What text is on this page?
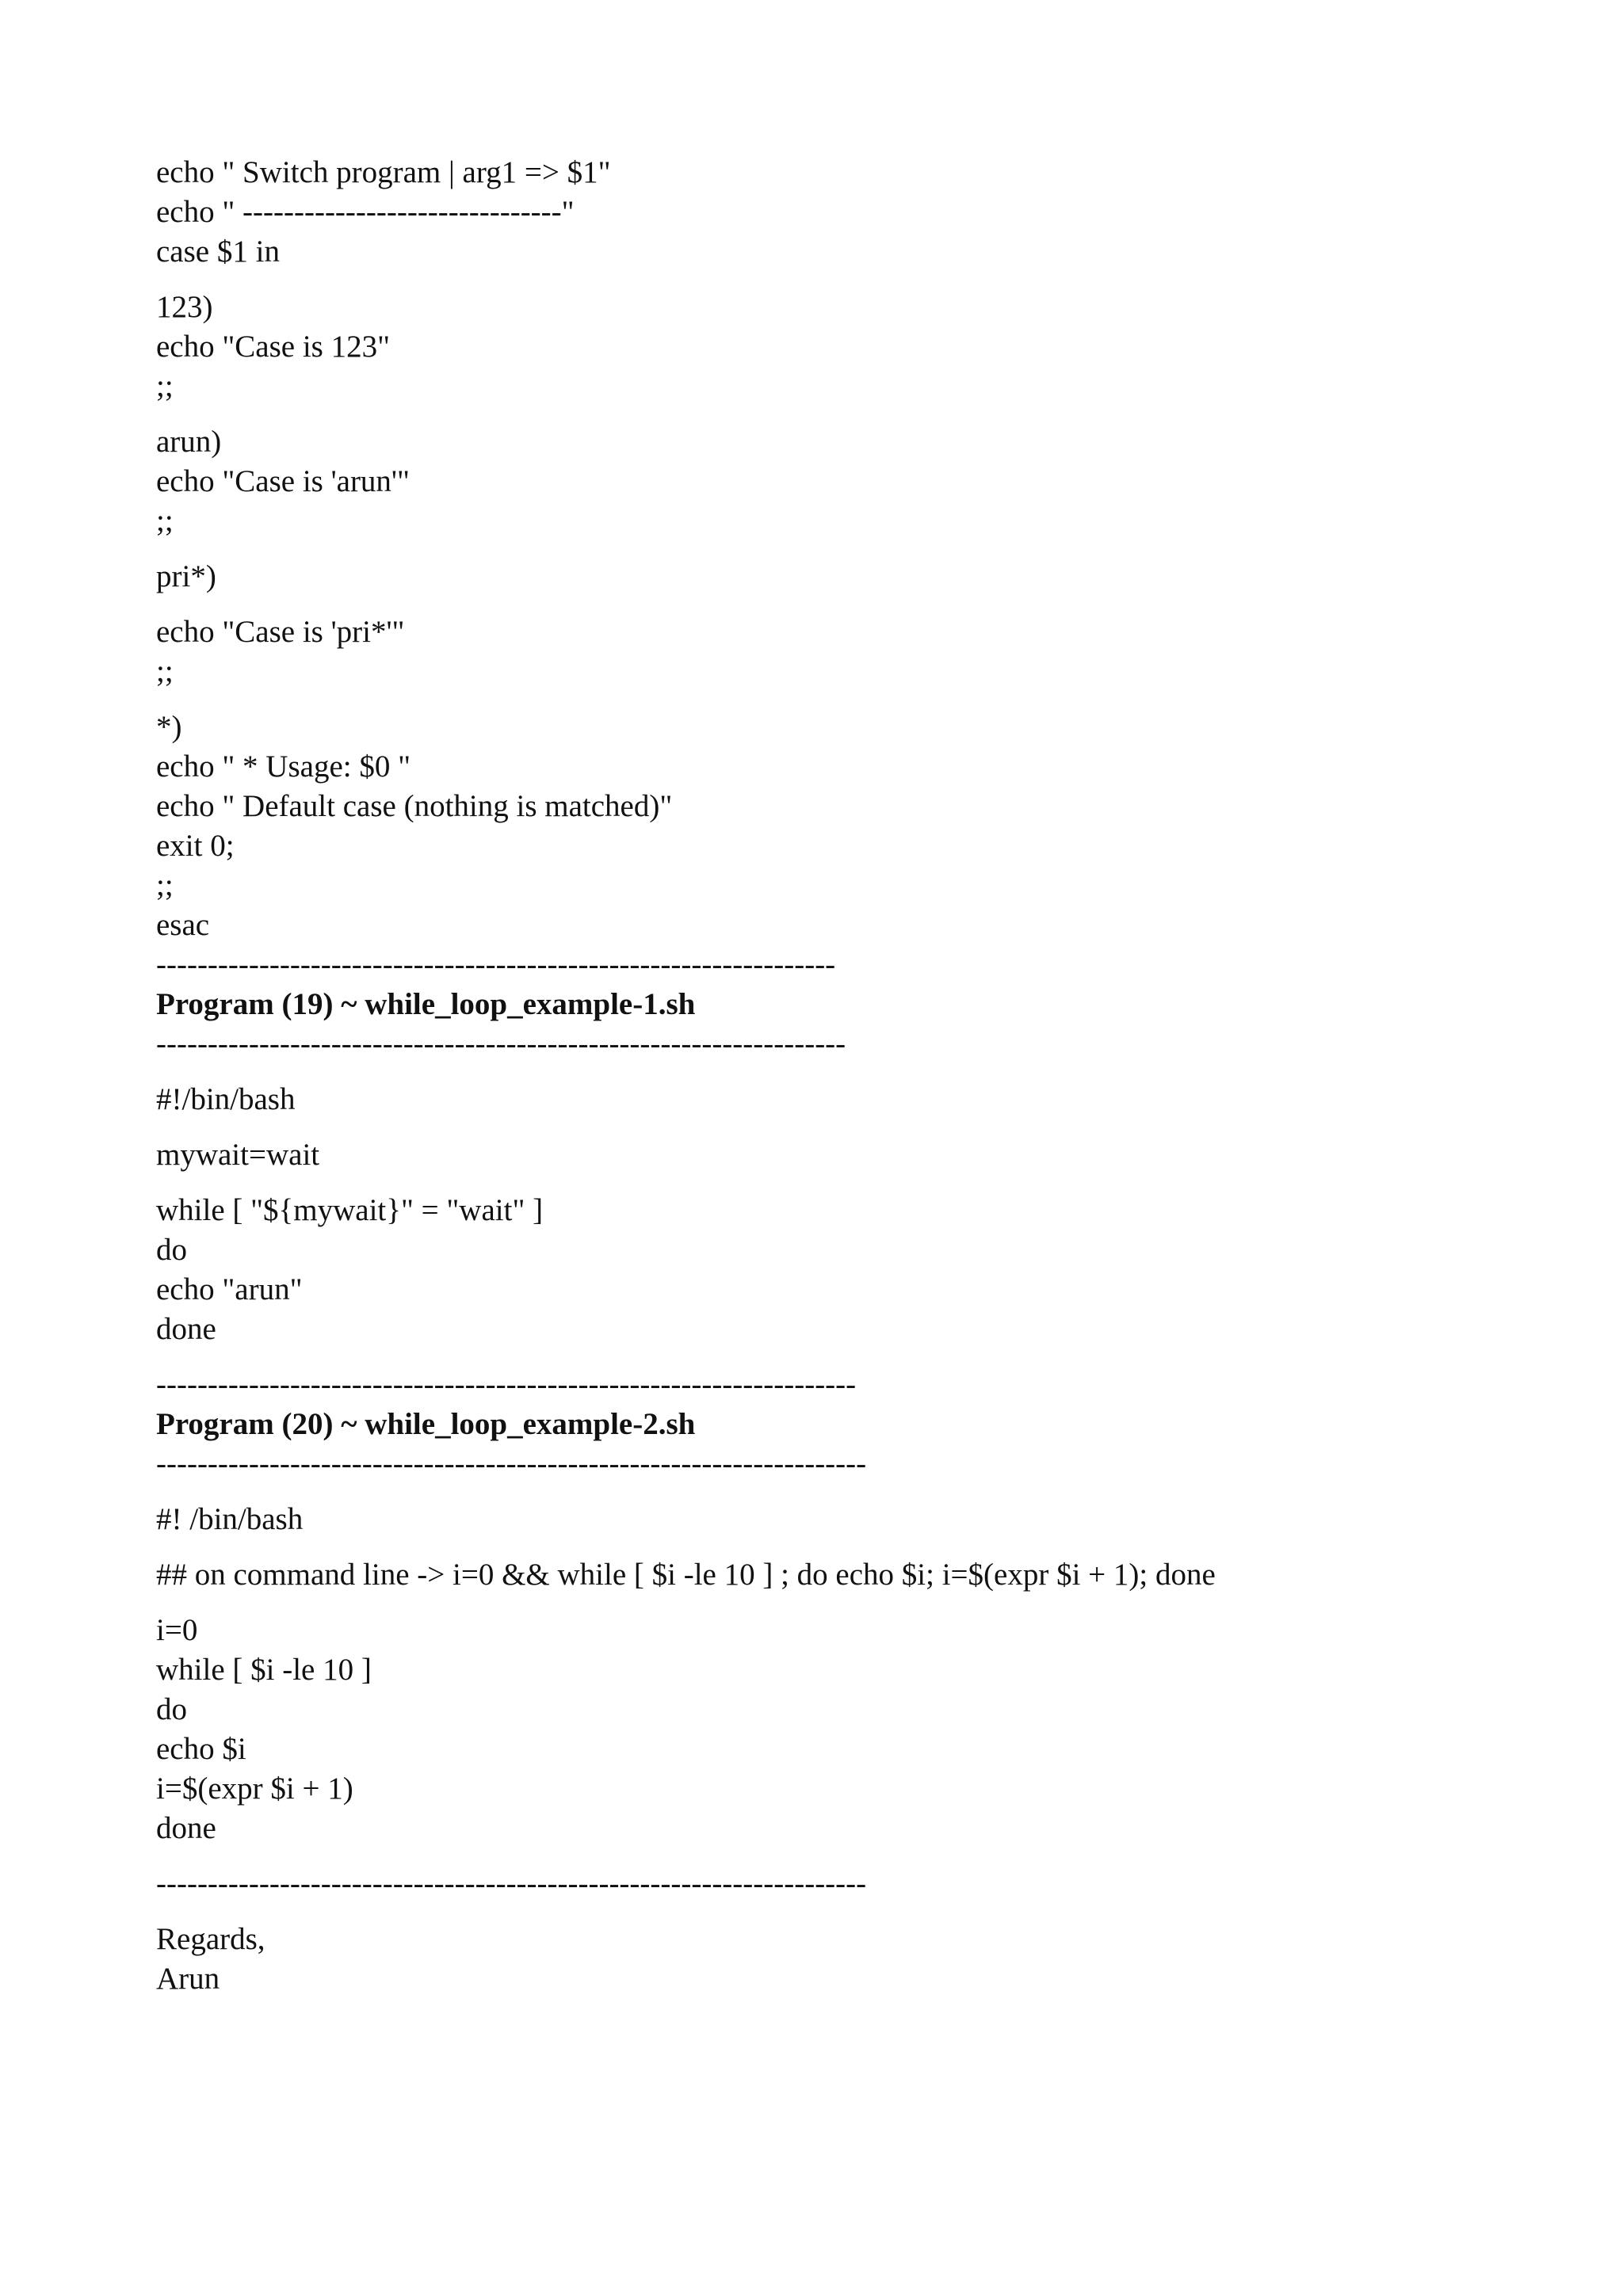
echo " Switch program | arg1 => $1"
echo " -------------------------------"
case $1 in
123)
echo "Case is 123"
;;
arun)
echo "Case is 'arun'"
;;
pri*)
echo "Case is 'pri*'"
;;
*)
echo " * Usage: $0 "
echo " Default case (nothing is matched)"
exit 0;
;;
esac
------------------------------------------------------------------
Program (19) ~ while_loop_example-1.sh
-------------------------------------------------------------------
#!/bin/bash
mywait=wait
while [ "${mywait}" = "wait" ]
do
echo "arun"
done
--------------------------------------------------------------------
Program (20) ~ while_loop_example-2.sh
---------------------------------------------------------------------
#! /bin/bash
## on command line -> i=0 && while [ $i -le 10 ] ; do echo $i; i=$(expr $i + 1); done
i=0
while [ $i -le 10 ]
do
echo $i
i=$(expr $i + 1)
done
---------------------------------------------------------------------
Regards,
Arun
